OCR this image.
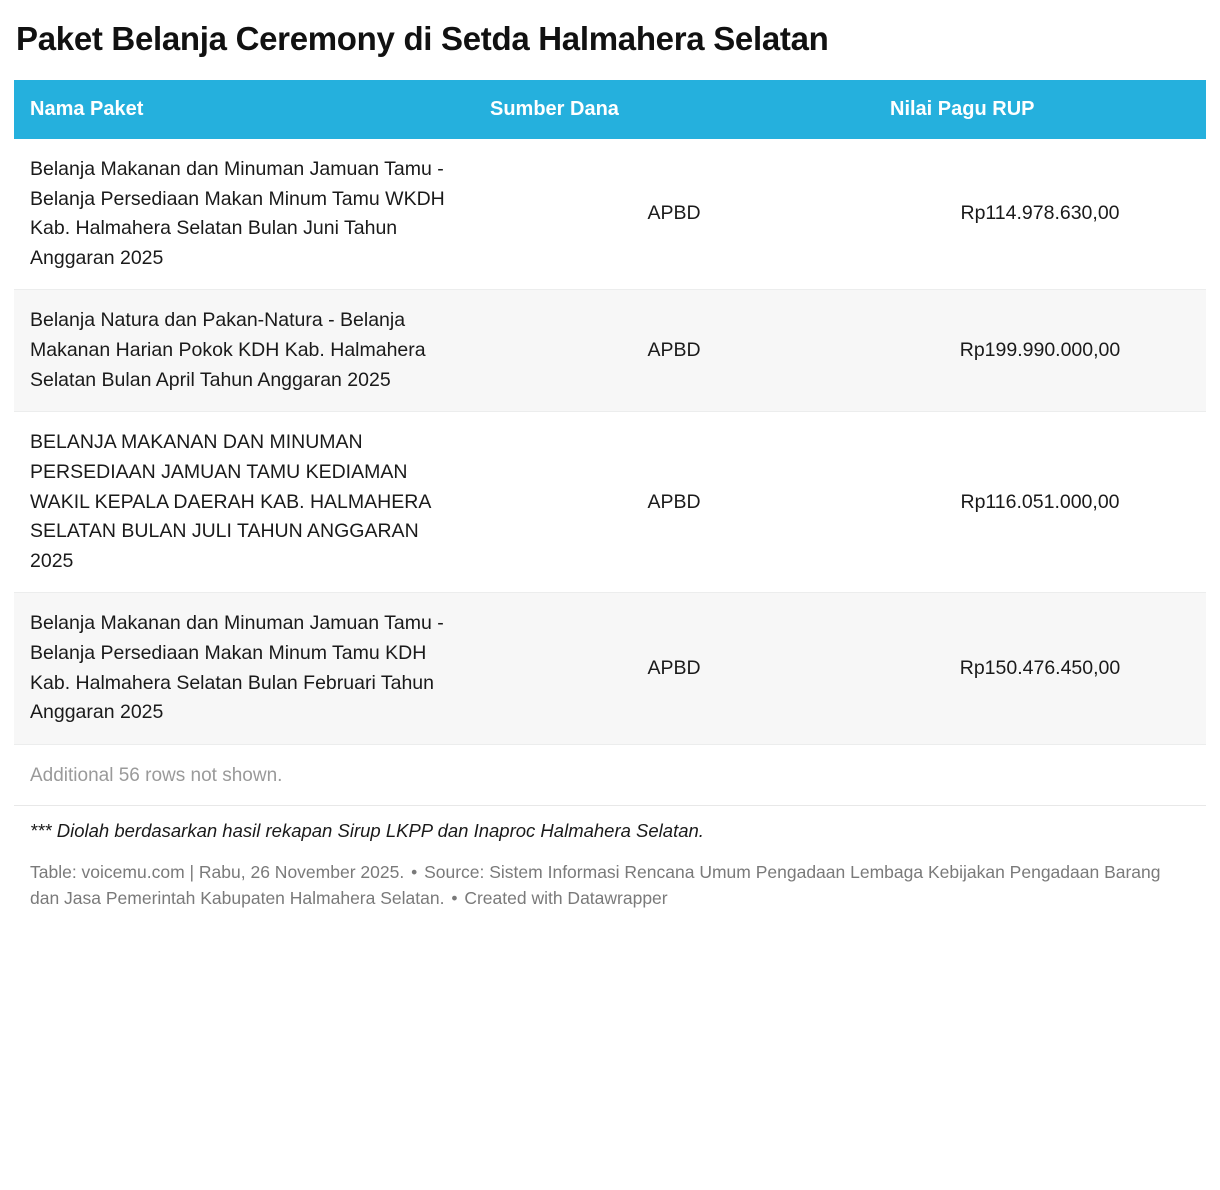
Paket Belanja Ceremony di Setda Halmahera Selatan
Nama Paket	Sumber Dana	Nilai Pagu RUP
Belanja Makanan dan Minuman Jamuan Tamu - Belanja Persediaan Makan Minum Tamu WKDH Kab. Halmahera Selatan Bulan Juni Tahun Anggaran 2025	APBD	Rp114.978.630,00
Belanja Natura dan Pakan-Natura - Belanja Makanan Harian Pokok KDH Kab. Halmahera Selatan Bulan April Tahun Anggaran 2025	APBD	Rp199.990.000,00
BELANJA MAKANAN DAN MINUMAN PERSEDIAAN JAMUAN TAMU KEDIAMAN WAKIL KEPALA DAERAH KAB. HALMAHERA SELATAN BULAN JULI TAHUN ANGGARAN 2025	APBD	Rp116.051.000,00
Belanja Makanan dan Minuman Jamuan Tamu - Belanja Persediaan Makan Minum Tamu KDH Kab. Halmahera Selatan Bulan Februari Tahun Anggaran 2025	APBD	Rp150.476.450,00
Additional 56 rows not shown.
*** Diolah berdasarkan hasil rekapan Sirup LKPP dan Inaproc Halmahera Selatan.
Table: voicemu.com | Rabu, 26 November 2025. • Source: Sistem Informasi Rencana Umum Pengadaan Lembaga Kebijakan Pengadaan Barang dan Jasa Pemerintah Kabupaten Halmahera Selatan. • Created with Datawrapper
